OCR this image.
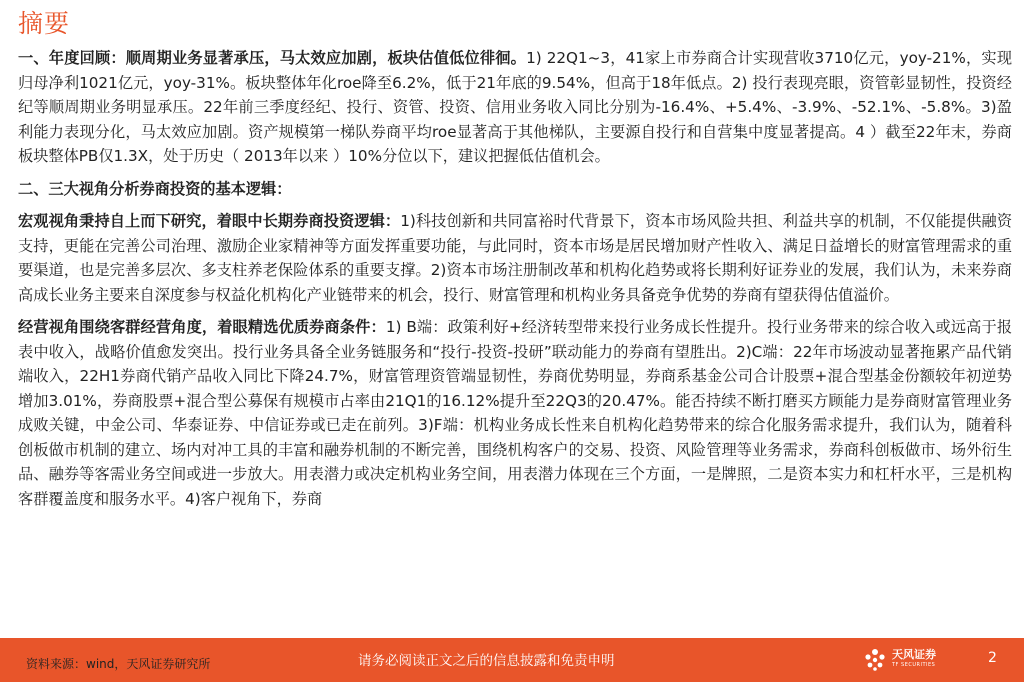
摘要

一、年度回顾：顺周期业务显著承压，马太效应加剧，板块估值低位徘徊。1) 22Q1~3，41家上市券商合计实现营收3710亿元，yoy-21%，实现归母净利1021亿元，yoy-31%。板块整体年化roe降至6.2%，低于21年底的9.54%，但高于18年低点。2) 投行表现亮眼，资管彰显韧性，投资经纪等顺周期业务明显承压。22年前三季度经纪、投行、资管、投资、信用业务收入同比分别为-16.4%、+5.4%、-3.9%、-52.1%、-5.8%。3)盈利能力表现分化，马太效应加剧。资产规模第一梯队券商平均roe显著高于其他梯队，主要源自投行和自营集中度显著提高。4 ）截至22年末，券商板块整体PB仅1.3X，处于历史（ 2013年以来 ）10%分位以下，建议把握低估值机会。

二、三大视角分析券商投资的基本逻辑：

宏观视角秉持自上而下研究，着眼中长期券商投资逻辑：1)科技创新和共同富裕时代背景下，资本市场风险共担、利益共享的机制，不仅能提供融资支持，更能在完善公司治理、激励企业家精神等方面发挥重要功能，与此同时，资本市场是居民增加财产性收入、满足日益增长的财富管理需求的重要渠道，也是完善多层次、多支柱养老保险体系的重要支撑。2)资本市场注册制改革和机构化趋势或将长期利好证券业的发展，我们认为，未来券商高成长业务主要来自深度参与权益化机构化产业链带来的机会，投行、财富管理和机构业务具备竞争优势的券商有望获得估值溢价。

经营视角围绕客群经营角度，着眼精选优质券商条件：1) B端：政策利好+经济转型带来投行业务成长性提升。投行业务带来的综合收入或远高于报表中收入，战略价值愈发突出。投行业务具备全业务链服务和“投行-投资-投研”联动能力的券商有望胜出。2)C端：22年市场波动显著拖累产品代销端收入，22H1券商代销产品收入同比下降24.7%，财富管理资管端显韧性，券商优势明显，券商系基金公司合计股票+混合型基金份额较年初逆势增加3.01%，券商股票+混合型公募保有规模市占率由21Q1的16.12%提升至22Q3的20.47%。能否持续不断打磨买方顾能力是券商财富管理业务成败关键，中金公司、华泰证券、中信证券或已走在前列。3)F端：机构业务成长性来自机构化趋势带来的综合化服务需求提升，我们认为，随着科创板做市机制的建立、场内对冲工具的丰富和融券机制的不断完善，围绕机构客户的交易、投资、风险管理等业务需求，券商科创板做市、场外衍生品、融券等客需业务空间或进一步放大。用表潜力或决定机构业务空间，用表潜力体现在三个方面，一是牌照，二是资本实力和杠杆水平，三是机构客群覆盖度和服务水平。4)客户视角下，券商

资料来源：wind，天风证券研究所	请务必阅读正文之后的信息披露和免责申明	天风证券
TF SECURITIES	2
